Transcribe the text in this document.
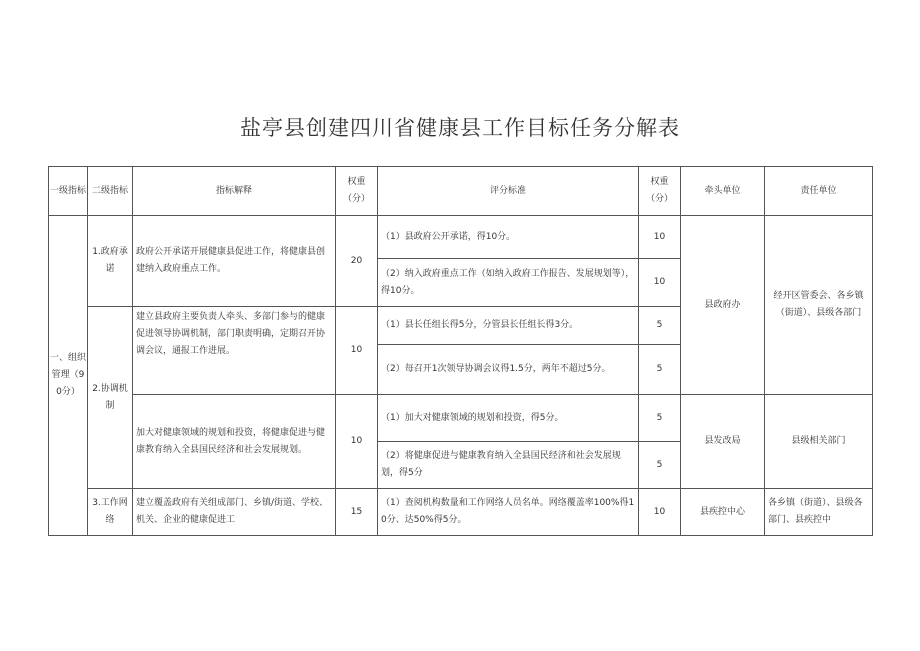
盐亭县创建四川省健康县工作目标任务分解表
一级指标	二级指标	指标解释	权重（分）	评分标准	权重（分）	牵头单位	责任单位
一、组织管理（90分）	1.政府承诺	政府公开承诺开展健康县促进工作，将健康县创建纳入政府重点工作。	20	（1）县政府公开承诺，得10分。	10	县政府办	经开区管委会、各乡镇（街道）、县级各部门
				（2）纳入政府重点工作（如纳入政府工作报告、发展规划等），得10分。	10		
	2.协调机制	建立县政府主要负责人牵头、多部门参与的健康促进领导协调机制，部门职责明确，定期召开协调会议，通报工作进展。	10	（1）县长任组长得5分，分管县长任组长得3分。	5		
				（2）每召开1次领导协调会议得1.5分，两年不超过5分。	5		
		加大对健康领域的规划和投资，将健康促进与健康教育纳入全县国民经济和社会发展规划。	10	（1）加大对健康领域的规划和投资，得5分。	5	县发改局	县级相关部门
				（2）将健康促进与健康教育纳入全县国民经济和社会发展规划，得5分	5		
	3.工作网络	建立覆盖政府有关组成部门、乡镇/街道、学校、机关、企业的健康促进工	15	（1）查阅机构数量和工作网络人员名单。网络覆盖率100%得10分、达50%得5分。	10	县疾控中心	各乡镇（街道）、县级各部门、县疾控中
